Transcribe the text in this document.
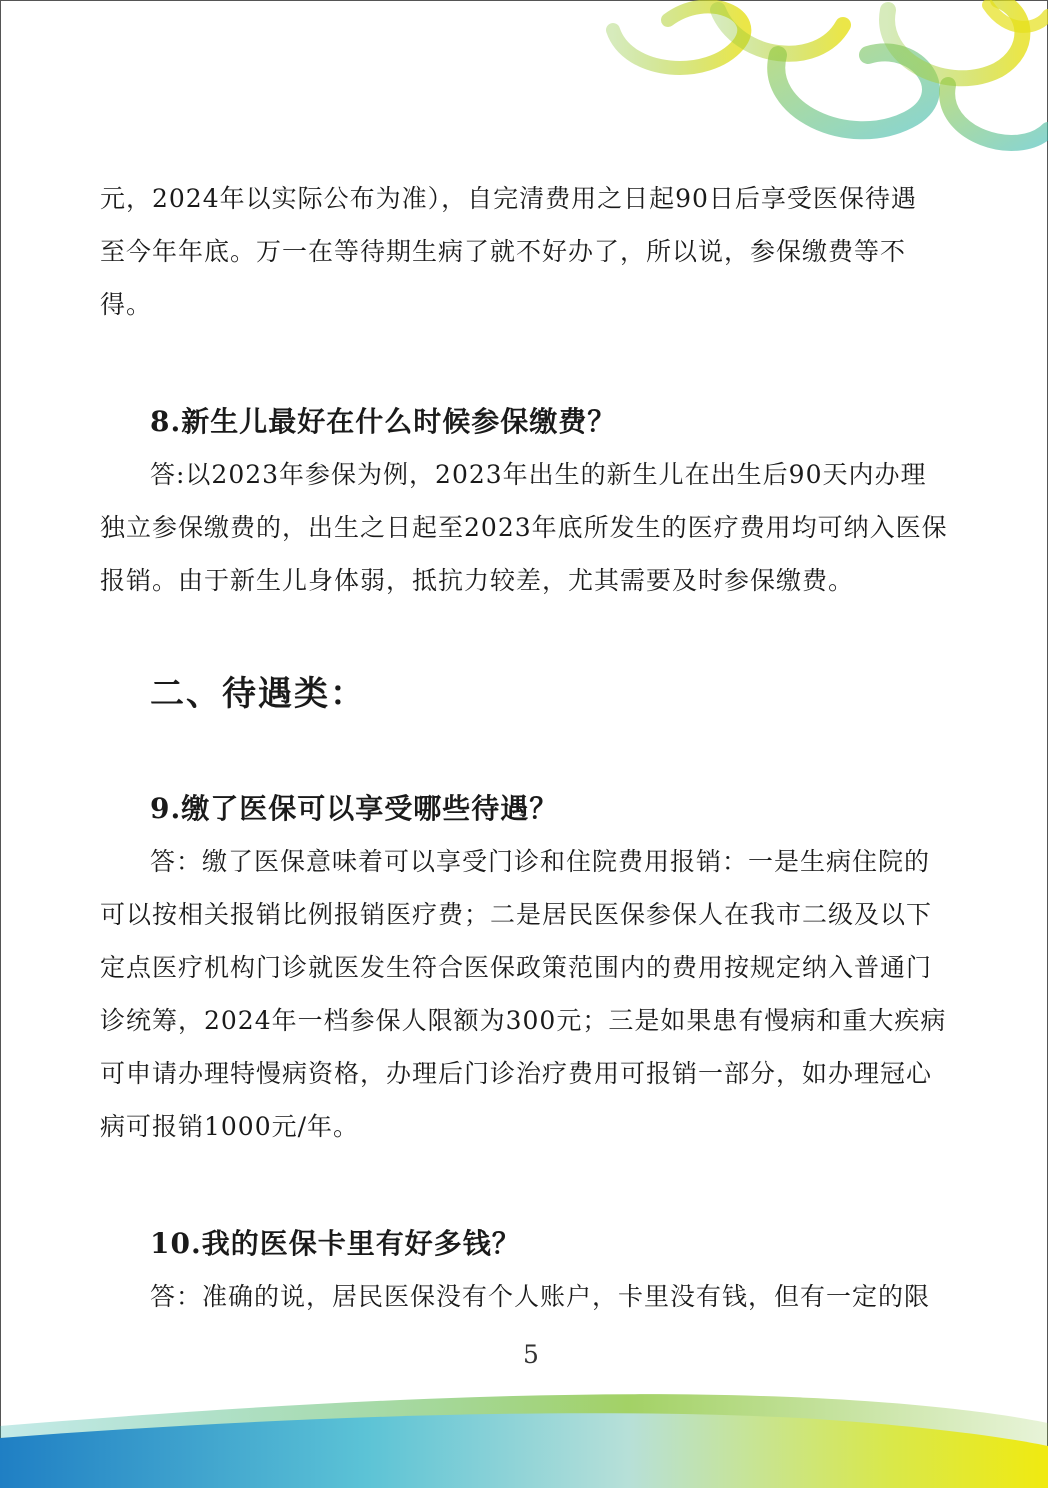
元，2024年以实际公布为准），自完清费用之日起90日后享受医保待遇

至今年年底。万一在等待期生病了就不好办了，所以说，参保缴费等不

得。

8.新生儿最好在什么时候参保缴费？

答:以2023年参保为例，2023年出生的新生儿在出生后90天内办理

独立参保缴费的，出生之日起至2023年底所发生的医疗费用均可纳入医保

报销。由于新生儿身体弱，抵抗力较差，尤其需要及时参保缴费。

二、待遇类：
9.缴了医保可以享受哪些待遇？

答：缴了医保意味着可以享受门诊和住院费用报销：一是生病住院的

可以按相关报销比例报销医疗费；二是居民医保参保人在我市二级及以下

定点医疗机构门诊就医发生符合医保政策范围内的费用按规定纳入普通门

诊统筹，2024年一档参保人限额为300元；三是如果患有慢病和重大疾病

可申请办理特慢病资格，办理后门诊治疗费用可报销一部分，如办理冠心

病可报销1000元/年。

10.我的医保卡里有好多钱？

答：准确的说，居民医保没有个人账户，卡里没有钱，但有一定的限

5
